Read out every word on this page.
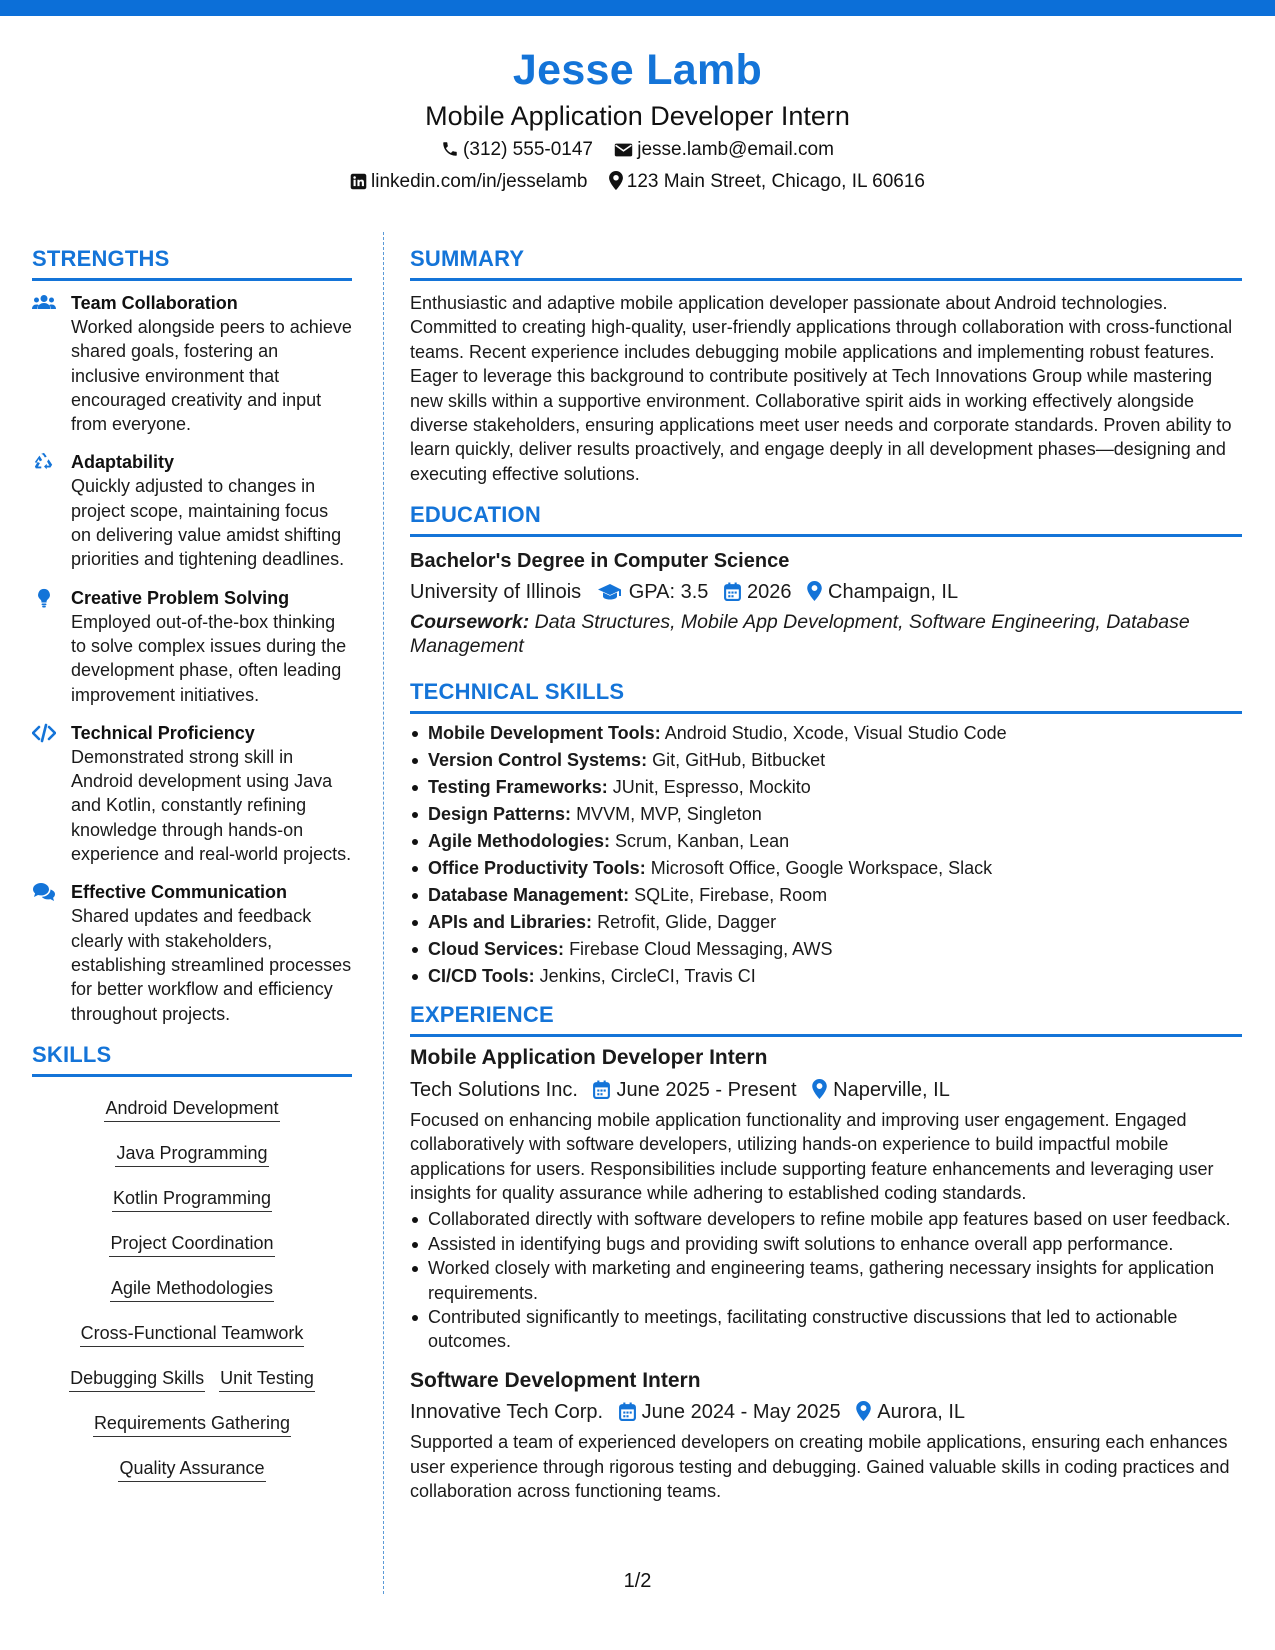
Jesse Lamb
Mobile Application Developer Intern
(312) 555-0147 jesse.lamb@email.com
linkedin.com/in/jesselamb 123 Main Street, Chicago, IL 60616
STRENGTHS
Team Collaboration
Worked alongside peers to achieve shared goals, fostering an inclusive environment that encouraged creativity and input from everyone.
Adaptability
Quickly adjusted to changes in project scope, maintaining focus on delivering value amidst shifting priorities and tightening deadlines.
Creative Problem Solving
Employed out-of-the-box thinking to solve complex issues during the development phase, often leading improvement initiatives.
Technical Proficiency
Demonstrated strong skill in Android development using Java and Kotlin, constantly refining knowledge through hands-on experience and real-world projects.
Effective Communication
Shared updates and feedback clearly with stakeholders, establishing streamlined processes for better workflow and efficiency throughout projects.
SKILLS
Android Development
Java Programming
Kotlin Programming
Project Coordination
Agile Methodologies
Cross-Functional Teamwork
Debugging Skills Unit Testing
Requirements Gathering
Quality Assurance
SUMMARY
Enthusiastic and adaptive mobile application developer passionate about Android technologies. Committed to creating high-quality, user-friendly applications through collaboration with cross-functional teams. Recent experience includes debugging mobile applications and implementing robust features. Eager to leverage this background to contribute positively at Tech Innovations Group while mastering new skills within a supportive environment. Collaborative spirit aids in working effectively alongside diverse stakeholders, ensuring applications meet user needs and corporate standards. Proven ability to learn quickly, deliver results proactively, and engage deeply in all development phases—designing and executing effective solutions.
EDUCATION
Bachelor's Degree in Computer Science
University of Illinois GPA: 3.5 2026 Champaign, IL
Coursework: Data Structures, Mobile App Development, Software Engineering, Database Management
TECHNICAL SKILLS
Mobile Development Tools: Android Studio, Xcode, Visual Studio Code
Version Control Systems: Git, GitHub, Bitbucket
Testing Frameworks: JUnit, Espresso, Mockito
Design Patterns: MVVM, MVP, Singleton
Agile Methodologies: Scrum, Kanban, Lean
Office Productivity Tools: Microsoft Office, Google Workspace, Slack
Database Management: SQLite, Firebase, Room
APIs and Libraries: Retrofit, Glide, Dagger
Cloud Services: Firebase Cloud Messaging, AWS
CI/CD Tools: Jenkins, CircleCI, Travis CI
EXPERIENCE
Mobile Application Developer Intern
Tech Solutions Inc. June 2025 - Present Naperville, IL
Focused on enhancing mobile application functionality and improving user engagement. Engaged collaboratively with software developers, utilizing hands-on experience to build impactful mobile applications for users. Responsibilities include supporting feature enhancements and leveraging user insights for quality assurance while adhering to established coding standards.
Collaborated directly with software developers to refine mobile app features based on user feedback.
Assisted in identifying bugs and providing swift solutions to enhance overall app performance.
Worked closely with marketing and engineering teams, gathering necessary insights for application requirements.
Contributed significantly to meetings, facilitating constructive discussions that led to actionable outcomes.
Software Development Intern
Innovative Tech Corp. June 2024 - May 2025 Aurora, IL
Supported a team of experienced developers on creating mobile applications, ensuring each enhances user experience through rigorous testing and debugging. Gained valuable skills in coding practices and collaboration across functioning teams.
1/2
